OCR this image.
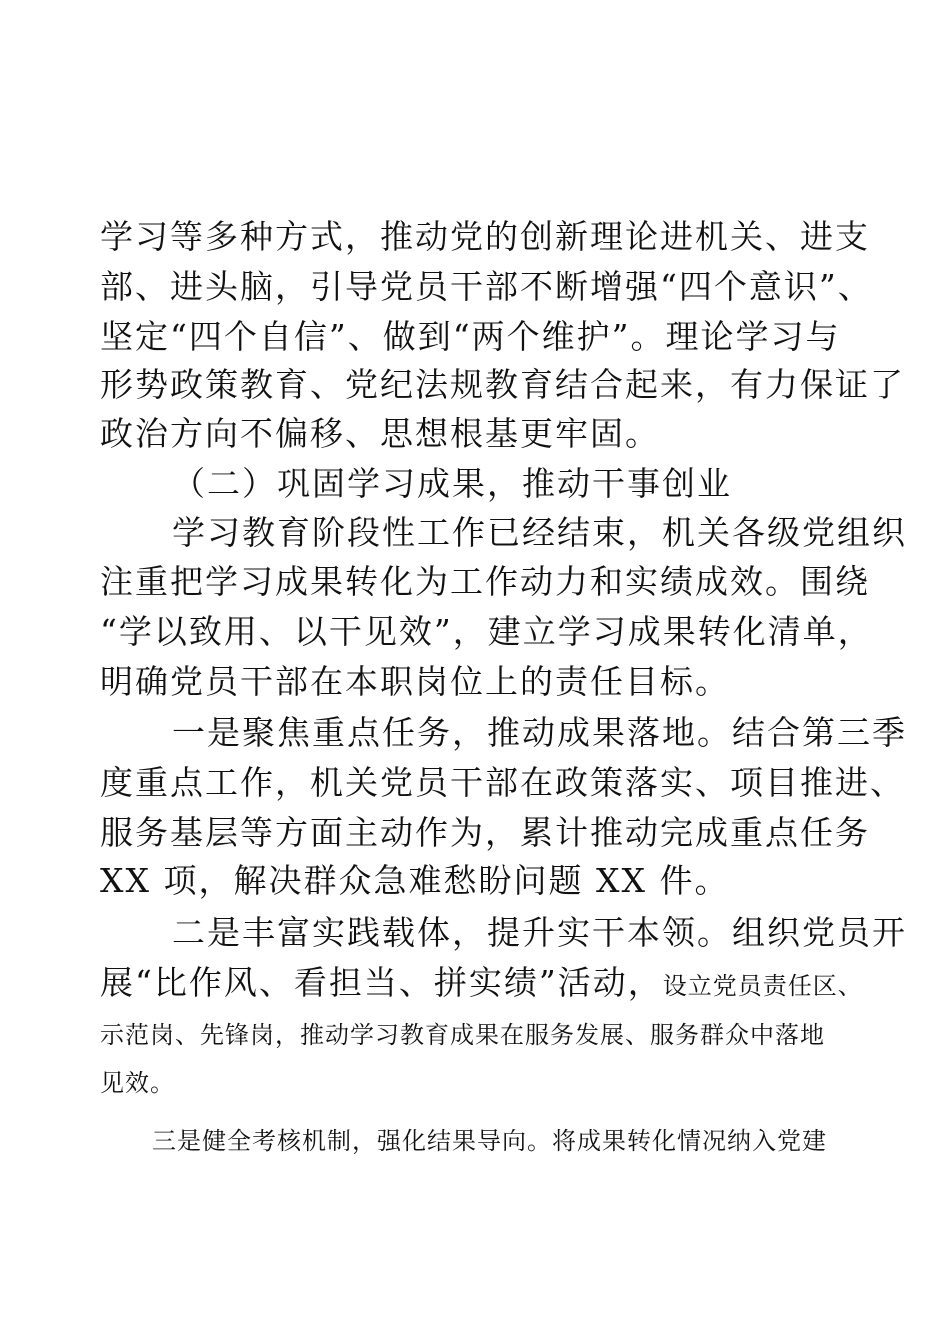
学习等多种方式，推动党的创新理论进机关、进支
部、进头脑，引导党员干部不断增强“四个意识”、
坚定“四个自信”、做到“两个维护”。理论学习与
形势政策教育、党纪法规教育结合起来，有力保证了
政治方向不偏移、思想根基更牢固。
（二）巩固学习成果，推动干事创业
学习教育阶段性工作已经结束，机关各级党组织
注重把学习成果转化为工作动力和实绩成效。围绕
“学以致用、以干见效”，建立学习成果转化清单，
明确党员干部在本职岗位上的责任目标。
一是聚焦重点任务，推动成果落地。结合第三季
度重点工作，机关党员干部在政策落实、项目推进、
服务基层等方面主动作为，累计推动完成重点任务
XX 项，解决群众急难愁盼问题 XX 件。
二是丰富实践载体，提升实干本领。组织党员开
展“比作风、看担当、拼实绩”活动，设立党员责任区、
示范岗、先锋岗，推动学习教育成果在服务发展、服务群众中落地
见效。
三是健全考核机制，强化结果导向。将成果转化情况纳入党建
